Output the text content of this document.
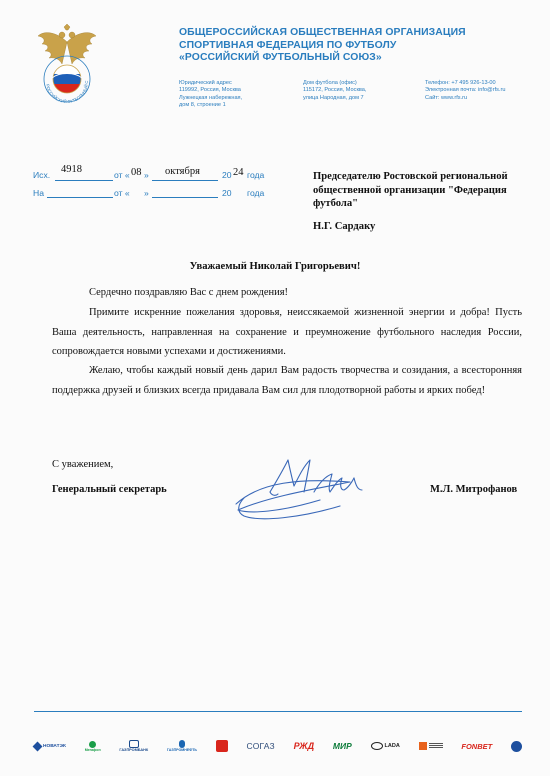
РОССИЙСКИЙ ФУТБОЛЬНЫЙ С
ОБЩЕРОССИЙСКАЯ ОБЩЕСТВЕННАЯ ОРГАНИЗАЦИЯ
СПОРТИВНАЯ ФЕДЕРАЦИЯ ПО ФУТБОЛУ
«РОССИЙСКИЙ ФУТБОЛЬНЫЙ СОЮЗ»
Юридический адрес
119992, Россия, Москва
Лужнецкая набережная,
дом 8, строение 1
Дом футбола (офис)
115172, Россия, Москва,
улица Народная, дом 7
Телефон: +7 495 926-13-00
Электронная почта: info@rfs.ru
Сайт: www.rfs.ru
Исх. 4918	от « 08 » октября	20 24 года
На	от « »	20 года
Председателю Ростовской региональной общественной организации "Федерация футбола"
Н.Г. Сардаку
Уважаемый Николай Григорьевич!
Сердечно поздравляю Вас с днем рождения!
Примите искренние пожелания здоровья, неиссякаемой жизненной энергии и добра! Пусть Ваша деятельность, направленная на сохранение и преумножение футбольного наследия России, сопровождается новыми успехами и достижениями.
Желаю, чтобы каждый новый день дарил Вам радость творчества и созидания, а всесторонняя поддержка друзей и близких всегда придавала Вам сил для плодотворной работы и ярких побед!
С уважением,
Генеральный секретарь	М.Л. Митрофанов
НОВАТЭК
Мегафон	ГАЗПРОМБАНК	ГАЗПРОМНЕФТЬ	СОГАЗ РЖД МИР	LADA	FONBET
